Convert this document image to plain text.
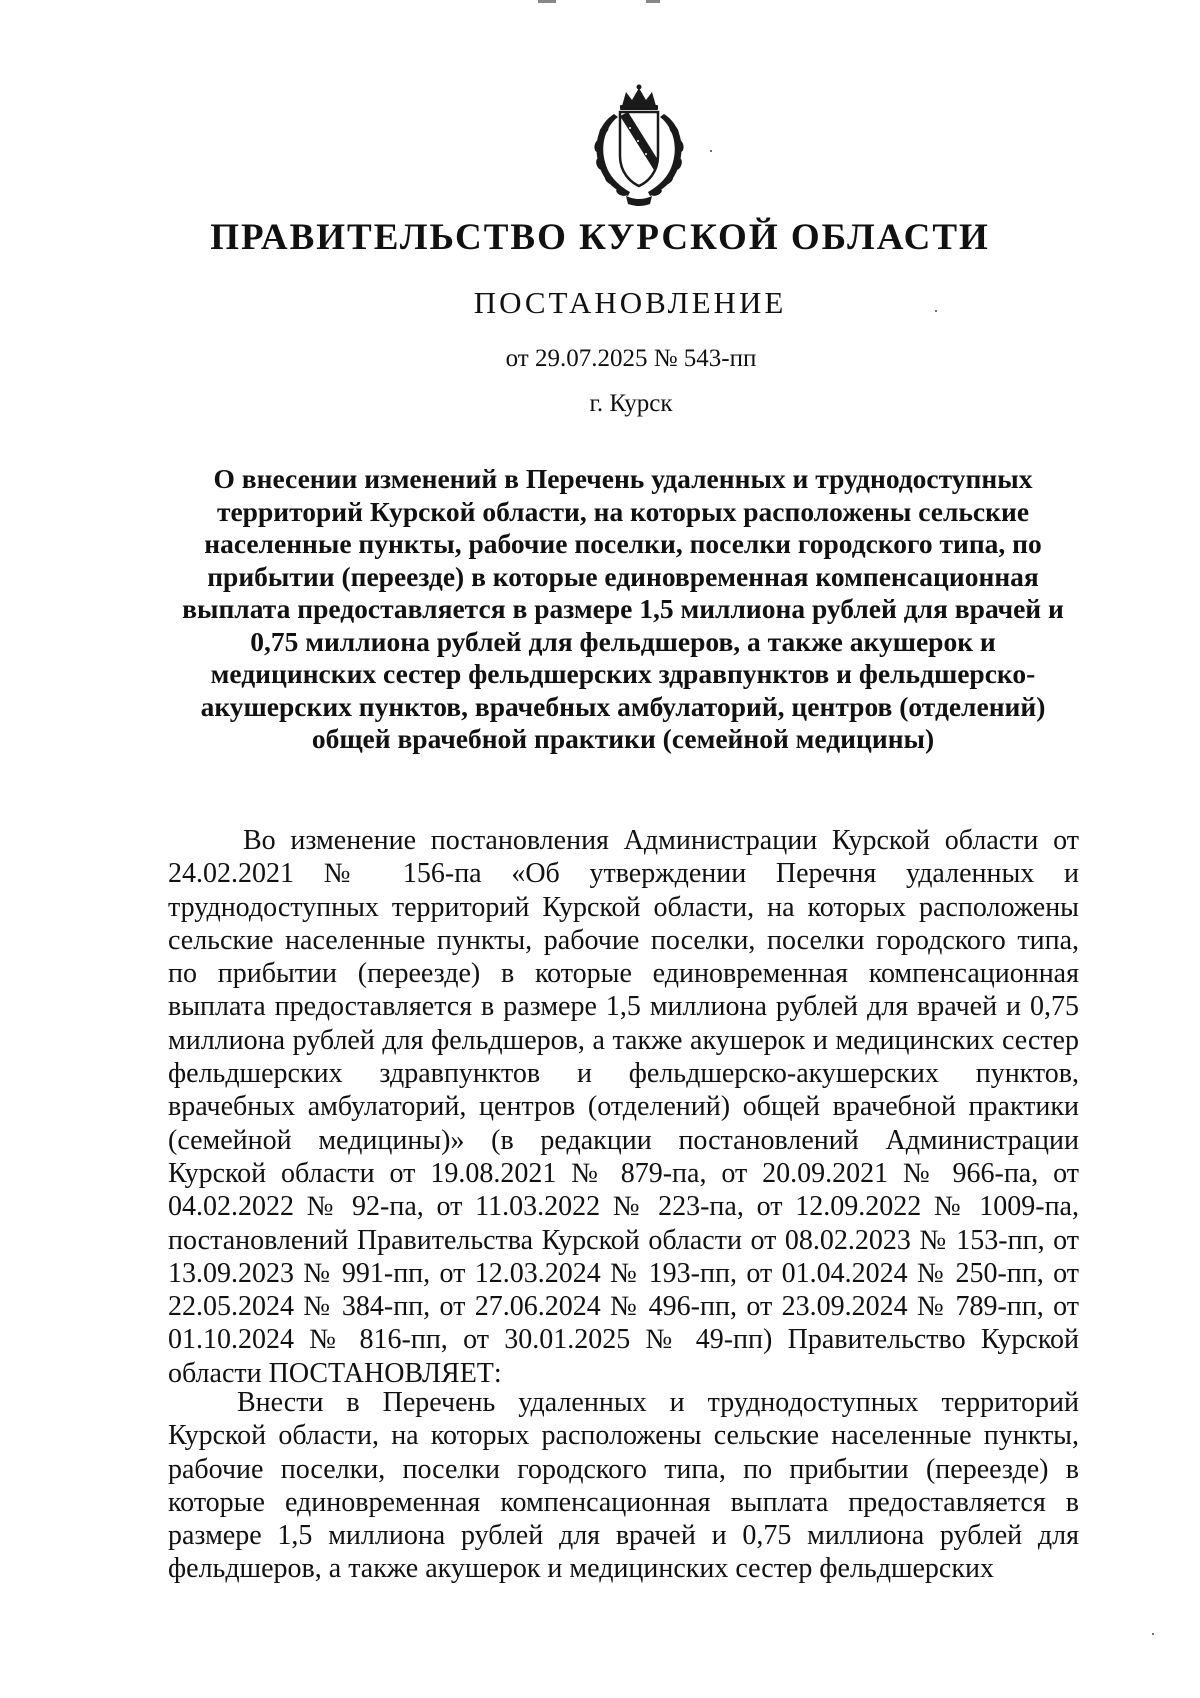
ПРАВИТЕЛЬСТВО КУРСКОЙ ОБЛАСТИ
ПОСТАНОВЛЕНИЕ

от 29.07.2025 № 543-пп

г. Курск

О внесении изменений в Перечень удаленных и труднодоступных территорий Курской области, на которых расположены сельские населенные пункты, рабочие поселки, поселки городского типа, по прибытии (переезде) в которые единовременная компенсационная выплата предоставляется в размере 1,5 миллиона рублей для врачей и 0,75 миллиона рублей для фельдшеров, а также акушерок и медицинских сестер фельдшерских здравпунктов и фельдшерско-акушерских пунктов, врачебных амбулаторий, центров (отделений) общей врачебной практики (семейной медицины)

Во изменение постановления Администрации Курской области от 24.02.2021 № 156-па «Об утверждении Перечня удаленных и труднодоступных территорий Курской области, на которых расположены сельские населенные пункты, рабочие поселки, поселки городского типа, по прибытии (переезде) в которые единовременная компенсационная выплата предоставляется в размере 1,5 миллиона рублей для врачей и 0,75 миллиона рублей для фельдшеров, а также акушерок и медицинских сестер фельдшерских здравпунктов и фельдшерско-акушерских пунктов, врачебных амбулаторий, центров (отделений) общей врачебной практики (семейной медицины)» (в редакции постановлений Администрации Курской области от 19.08.2021 № 879-па, от 20.09.2021 № 966-па, от 04.02.2022 № 92-па, от 11.03.2022 № 223-па, от 12.09.2022 № 1009-па, постановлений Правительства Курской области от 08.02.2023 № 153-пп, от 13.09.2023 № 991-пп, от 12.03.2024 № 193-пп, от 01.04.2024 № 250-пп, от 22.05.2024 № 384-пп, от 27.06.2024 № 496-пп, от 23.09.2024 № 789-пп, от 01.10.2024 № 816-пп, от 30.01.2025 № 49-пп) Правительство Курской области ПОСТАНОВЛЯЕТ:

Внести в Перечень удаленных и труднодоступных территорий Курской области, на которых расположены сельские населенные пункты, рабочие поселки, поселки городского типа, по прибытии (переезде) в которые единовременная компенсационная выплата предоставляется в размере 1,5 миллиона рублей для врачей и 0,75 миллиона рублей для фельдшеров, а также акушерок и медицинских сестер фельдшерских
